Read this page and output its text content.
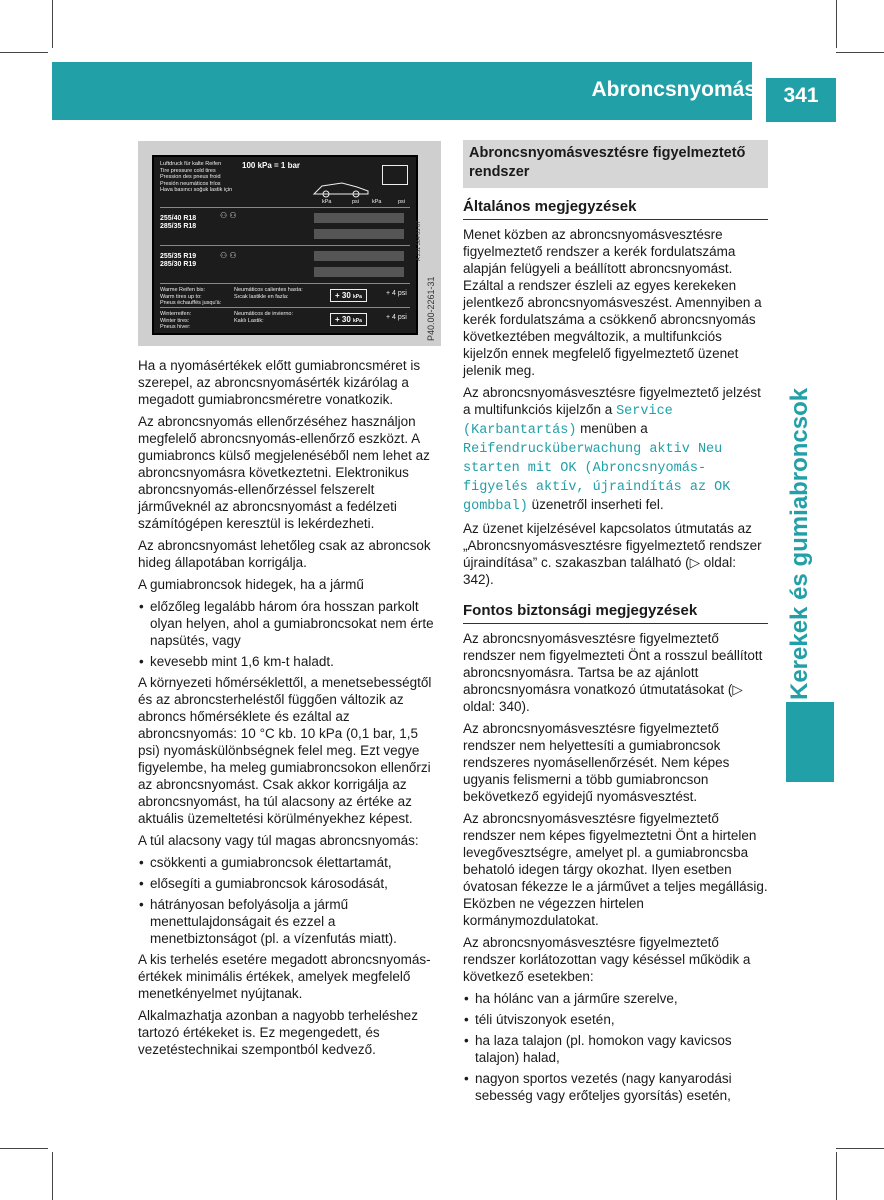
Abroncsnyomás	341
Kerekek és gumiabroncsok
Luftdruck für kalte Reifen
Tire pressure cold tires
Pression des pneus froid
Presión neumáticos fríos
Hava basıncı soğuk lastik için
100 kPa = 1 bar
kPa	psi kPa	psi
255/40 R18
285/35 R18
⚇ ⚇
255/35 R19
285/30 R19
⚇ ⚇
Warme Reifen bis:
Warm tires up to:
Pneus échauffés jusqu'à:
Neumáticos calientes hasta:
Sıcak lastikle en fazla:	+ 30 kPa	+ 4 psi
Winterreifen:
Winter tires:
Pneus hiver:
Neumáticos de invierno:
Kaklı Lastik:	+ 30 kPa	+ 4 psi
A 231 584 03 07
P40.00-2261-31

Ha a nyomásértékek előtt gumiabroncsméret is szerepel, az abroncsnyomásérték kizárólag a megadott gumiabroncsméretre vonatkozik.

Az abroncsnyomás ellenőrzéséhez használjon megfelelő abroncsnyomás-ellenőrző eszközt. A gumiabroncs külső megjelenéséből nem lehet az abroncsnyomásra következtetni. Elektronikus abroncsnyomás-ellenőrzéssel felszerelt járműveknél az abroncsnyomást a fedélzeti számítógépen keresztül is lekérdezheti.

Az abroncsnyomást lehetőleg csak az abroncsok hideg állapotában korrigálja.

A gumiabroncsok hidegek, ha a jármű

• előzőleg legalább három óra hosszan parkolt olyan helyen, ahol a gumiabroncsokat nem érte napsütés, vagy
• kevesebb mint 1,6 km-t haladt.

A környezeti hőmérséklettől, a menetsebességtől és az abroncsterheléstől függően változik az abroncs hőmérséklete és ezáltal az abroncsnyomás: 10 °C kb. 10 kPa (0,1 bar, 1,5 psi) nyomáskülönbségnek felel meg. Ezt vegye figyelembe, ha meleg gumiabroncsokon ellenőrzi az abroncsnyomást. Csak akkor korrigálja az abroncsnyomást, ha túl alacsony az értéke az aktuális üzemeltetési körülményekhez képest.

A túl alacsony vagy túl magas abroncsnyomás:

• csökkenti a gumiabroncsok élettartamát,
• elősegíti a gumiabroncsok károsodását,
• hátrányosan befolyásolja a jármű menettulajdonságait és ezzel a menetbiztonságot (pl. a vízenfutás miatt).

A kis terhelés esetére megadott abroncsnyomás-értékek minimális értékek, amelyek megfelelő menetkényelmet nyújtanak.

Alkalmazhatja azonban a nagyobb terheléshez tartozó értékeket is. Ez megengedett, és vezetéstechnikai szempontból kedvező.

Abroncsnyomásvesztésre figyelmeztető rendszer
Általános megjegyzések

Menet közben az abroncsnyomásvesztésre figyelmeztető rendszer a kerék fordulatszáma alapján felügyeli a beállított abroncsnyomást. Ezáltal a rendszer észleli az egyes kerekeken jelentkező abroncsnyomásveszést. Amennyiben a kerék fordulatszáma a csökkenő abroncsnyomás következtében megváltozik, a multifunkciós kijelzőn ennek megfelelő figyelmeztető üzenet jelenik meg.

Az abroncsnyomásvesztésre figyelmeztető jelzést a multifunkciós kijelzőn a Service (Karbantartás) menüben a Reifendrucküberwachung aktiv Neu starten mit OK (Abroncsnyomás-figyelés aktív, újraindítás az OK gombbal) üzenetről inserheti fel.

Az üzenet kijelzésével kapcsolatos útmutatás az „Abroncsnyomásvesztésre figyelmeztető rendszer újraindítása” c. szakaszban található (▷ oldal: 342).

Fontos biztonsági megjegyzések

Az abroncsnyomásvesztésre figyelmeztető rendszer nem figyelmezteti Önt a rosszul beállított abroncsnyomásra. Tartsa be az ajánlott abroncsnyomásra vonatkozó útmutatásokat (▷ oldal: 340).

Az abroncsnyomásvesztésre figyelmeztető rendszer nem helyettesíti a gumiabroncsok rendszeres nyomásellenőrzését. Nem képes ugyanis felismerni a több gumiabroncson bekövetkező egyidejű nyomásvesztést.

Az abroncsnyomásvesztésre figyelmeztető rendszer nem képes figyelmeztetni Önt a hirtelen levegővesztségre, amelyet pl. a gumiabroncsba behatoló idegen tárgy okozhat. Ilyen esetben óvatosan fékezze le a járművet a teljes megállásig. Eközben ne végezzen hirtelen kormánymozdulatokat.

Az abroncsnyomásvesztésre figyelmeztető rendszer korlátozottan vagy késéssel működik a következő esetekben:

• ha hólánc van a járműre szerelve,
• téli útviszonyok esetén,
• ha laza talajon (pl. homokon vagy kavicsos talajon) halad,
• nagyon sportos vezetés (nagy kanyarodási sebesség vagy erőteljes gyorsítás) esetén,
